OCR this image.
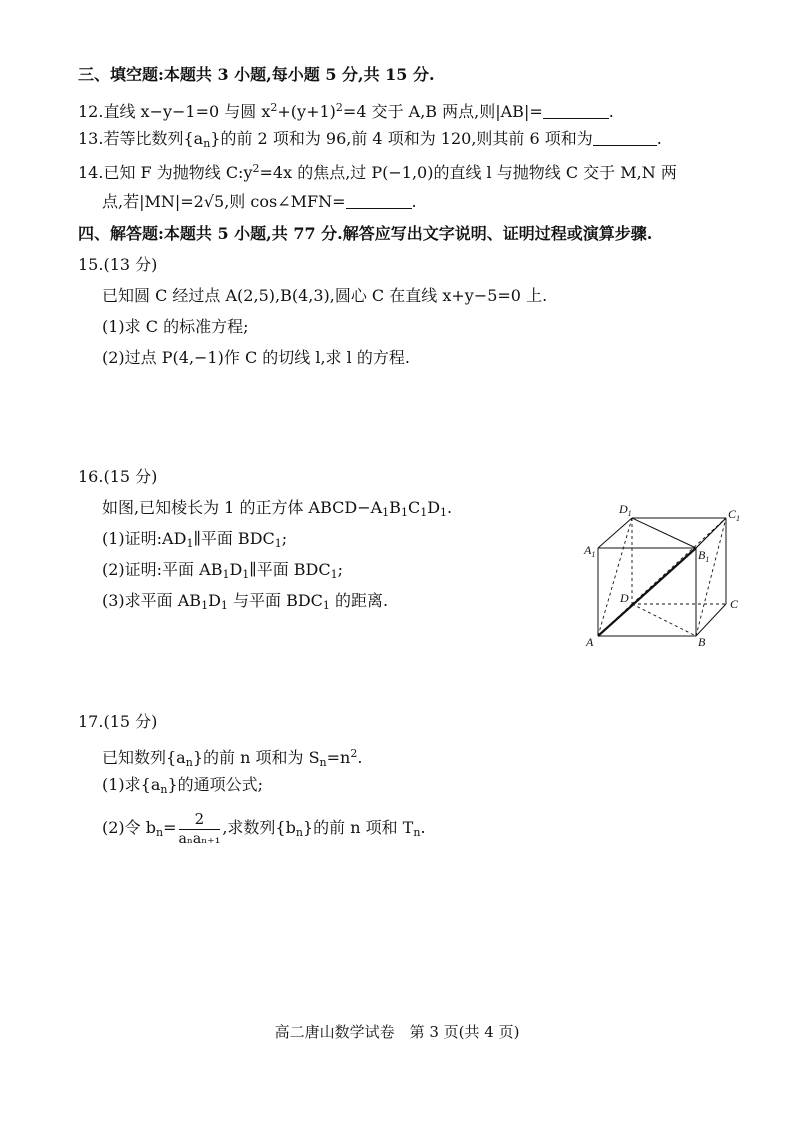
三、填空题:本题共 3 小题,每小题 5 分,共 15 分.
12.直线 x−y−1=0 与圆 $x^2+(y+1)^2=4$ 交于 A,B 两点,则|AB|=	.
13.若等比数列$\{a_n\}$的前 2 项和为 96,前 4 项和为 120,则其前 6 项和为	.
14.已知 F 为抛物线 $C:y^2=4x$ 的焦点,过 P(−1,0)的直线 l 与抛物线 C 交于 M,N 两
点,若|MN|=2√5,则 cos∠MFN=	.
四、解答题:本题共 5 小题,共 77 分.解答应写出文字说明、证明过程或演算步骤.
15.(13 分)
已知圆 C 经过点 A(2,5),B(4,3),圆心 C 在直线 x+y−5=0 上.
(1)求 C 的标准方程;
(2)过点 P(4,−1)作 C 的切线 l,求 l 的方程.
16.(15 分)
如图,已知棱长为 1 的正方体 $ABCD-A_1B_1C_1D_1$.
(1)证明$:AD_1\parallel$平面 $BDC_1$;
(2)证明:平面 $AB_1D_1\parallel$平面 $BDC_1$;
(3)求平面 $AB_1D_1$ 与平面 $BDC_1$ 的距离.
$D_1$	$C_1$
$A_1$	$B_1$
D	C
A	B
17.(15 分)
已知数列$\{a_n\}$的前 n 项和为 $S_n=n^2$.
(1)求$\{a_n\}$的通项公式;
(2)令 $b_n= \frac{2}{\text{aₙaₙ₊₁}}$ ,求数列$\{b_n\}$的前 n 项和 $T_n$.
高二唐山数学试卷　第 3 页(共 4 页)
